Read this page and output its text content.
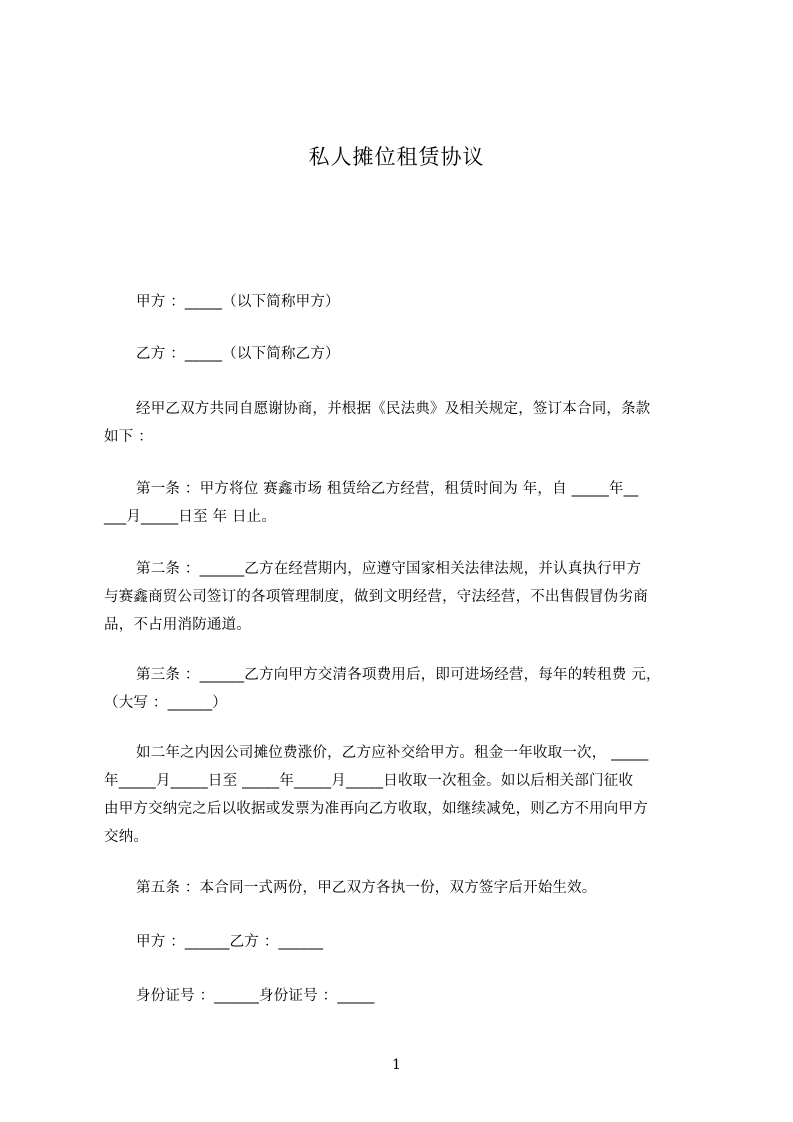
私人摊位租赁协议
甲方 ：_____（以下简称甲方）
乙方 ：_____（以下简称乙方）
经甲乙双方共同自愿谢协商，并根据《民法典》及相关规定，签订本合同，条款
如下 ：
第一条 ：甲方将位 赛鑫市场 租赁给乙方经营，租赁时间为 年，自 _____年__
___月_____日至 年 日止。
第二条 ：______乙方在经营期内，应遵守国家相关法律法规，并认真执行甲方
与赛鑫商贸公司签订的各项管理制度，做到文明经营，守法经营，不出售假冒伪劣商
品，不占用消防通道。
第三条 ：______乙方向甲方交清各项费用后，即可进场经营，每年的转租费 元，
（大写 ：______）
如二年之内因公司摊位费涨价，乙方应补交给甲方。租金一年收取一次， _____
年_____月_____日至 _____年_____月_____日收取一次租金。如以后相关部门征收
由甲方交纳完之后以收据或发票为准再向乙方收取，如继续减免，则乙方不用向甲方
交纳。
第五条 ：本合同一式两份，甲乙双方各执一份，双方签字后开始生效。
甲方 ：______乙方 ：______
身份证号 ：______身份证号 ：_____
1
